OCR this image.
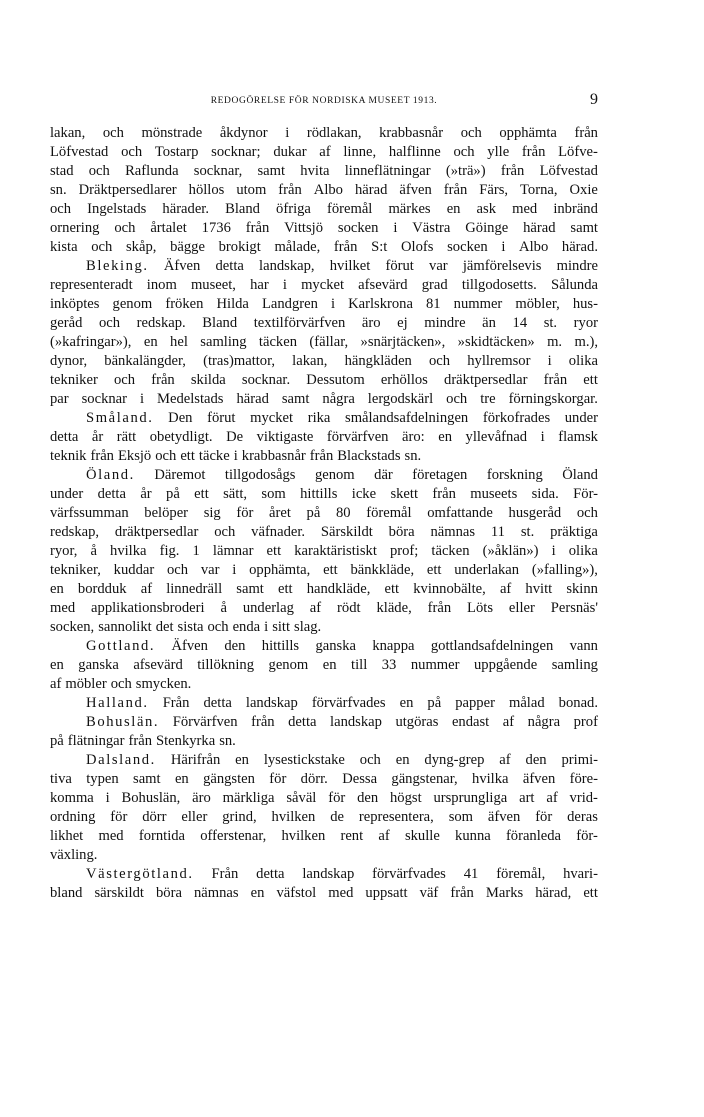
REDOGÖRELSE FÖR NORDISKA MUSEET 1913.	9
lakan, och mönstrade åkdynor i rödlakan, krabbasnår och opphämta från
Löfvestad och Tostarp socknar; dukar af linne, halflinne och ylle från Löfve-
stad och Raflunda socknar, samt hvita linneflätningar (»trä») från Löfvestad
sn. Dräktpersedlarer höllos utom från Albo härad äfven från Färs, Torna, Oxie
och Ingelstads härader. Bland öfriga föremål märkes en ask med inbränd
ornering och årtalet 1736 från Vittsjö socken i Västra Göinge härad samt
kista och skåp, bägge brokigt målade, från S:t Olofs socken i Albo härad.
Bleking. Äfven detta landskap, hvilket förut var jämförelsevis mindre
representeradt inom museet, har i mycket afsevärd grad tillgodosetts. Sålunda
inköptes genom fröken Hilda Landgren i Karlskrona 81 nummer möbler, hus-
geråd och redskap. Bland textilförvärfven äro ej mindre än 14 st. ryor
(»kafringar»), en hel samling täcken (fällar, »snärjtäcken», »skidtäcken» m. m.),
dynor, bänkalängder, (tras)mattor, lakan, hängkläden och hyllremsor i olika
tekniker och från skilda socknar. Dessutom erhöllos dräktpersedlar från ett
par socknar i Medelstads härad samt några lergodskärl och tre förningskorgar.
Småland. Den förut mycket rika smålandsafdelningen förkofrades under
detta år rätt obetydligt. De viktigaste förvärfven äro: en yllevåfnad i flamsk
teknik från Eksjö och ett täcke i krabbasnår från Blackstads sn.
Öland. Däremot tillgodosågs genom där företagen forskning Öland
under detta år på ett sätt, som hittills icke skett från museets sida. För-
värfssumman belöper sig för året på 80 föremål omfattande husgeråd och
redskap, dräktpersedlar och väfnader. Särskildt böra nämnas 11 st. präktiga
ryor, å hvilka fig. 1 lämnar ett karaktäristiskt prof; täcken (»åklän») i olika
tekniker, kuddar och var i opphämta, ett bänkkläde, ett underlakan (»falling»),
en bordduk af linnedräll samt ett handkläde, ett kvinnobälte, af hvitt skinn
med applikationsbroderi å underlag af rödt kläde, från Löts eller Persnäs'
socken, sannolikt det sista och enda i sitt slag.
Gottland. Äfven den hittills ganska knappa gottlandsafdelningen vann
en ganska afsevärd tillökning genom en till 33 nummer uppgående samling
af möbler och smycken.
Halland. Från detta landskap förvärfvades en på papper målad bonad.
Bohuslän. Förvärfven från detta landskap utgöras endast af några prof
på flätningar från Stenkyrka sn.
Dalsland. Härifrån en lysestickstake och en dyng-grep af den primi-
tiva typen samt en gängsten för dörr. Dessa gängstenar, hvilka äfven före-
komma i Bohuslän, äro märkliga såväl för den högst ursprungliga art af vrid-
ordning för dörr eller grind, hvilken de representera, som äfven för deras
likhet med forntida offerstenar, hvilken rent af skulle kunna föranleda för-
växling.
Västergötland. Från detta landskap förvärfvades 41 föremål, hvari-
bland särskildt böra nämnas en väfstol med uppsatt väf från Marks härad, ett
